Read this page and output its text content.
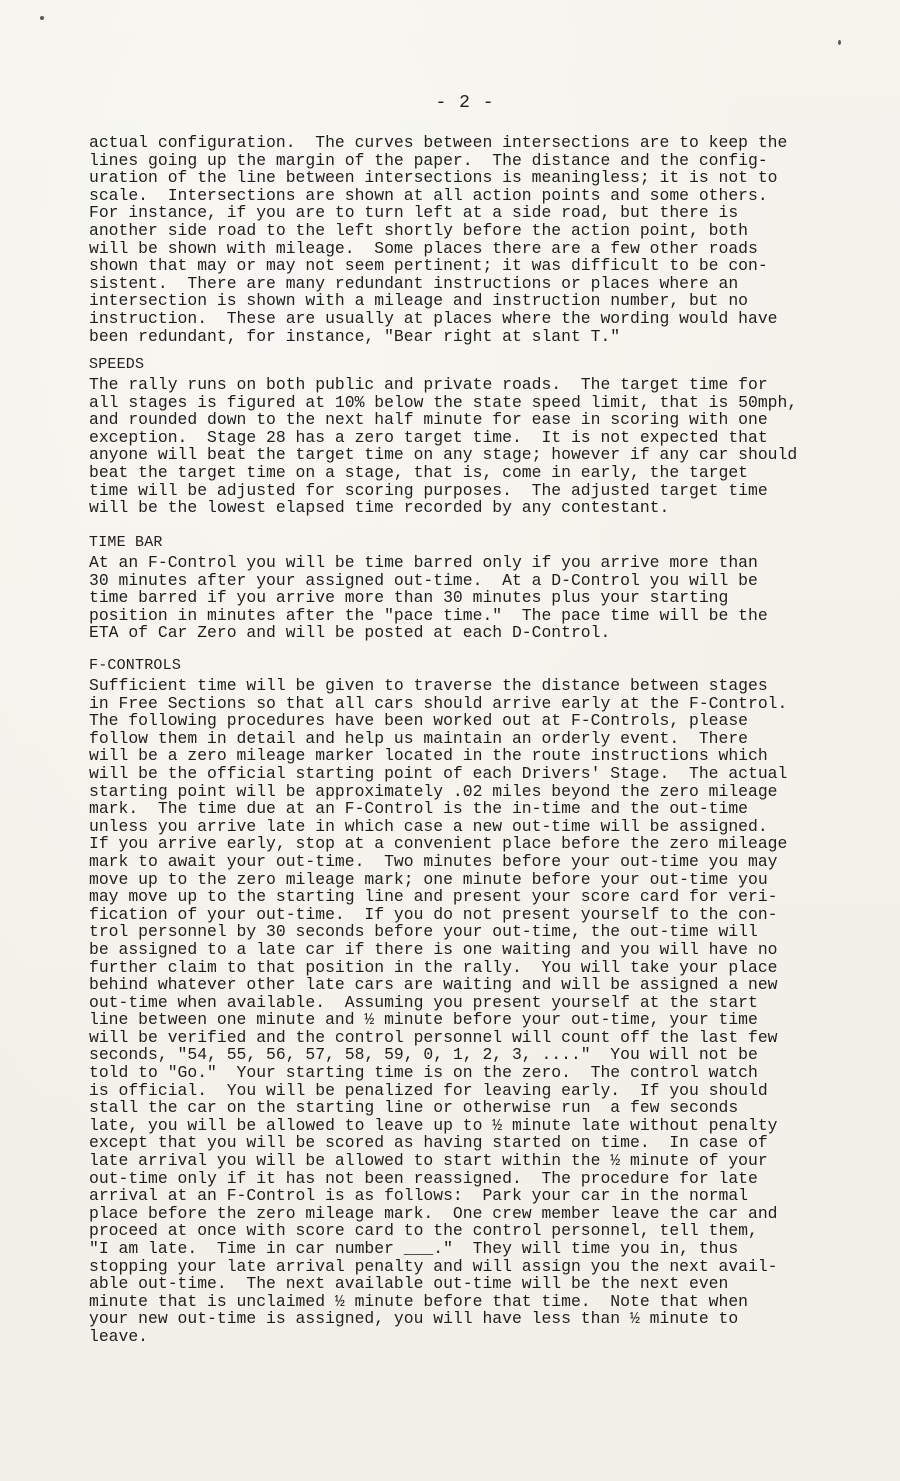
- 2 -
actual configuration.  The curves between intersections are to keep the
lines going up the margin of the paper.  The distance and the config-
uration of the line between intersections is meaningless; it is not to
scale.  Intersections are shown at all action points and some others.
For instance, if you are to turn left at a side road, but there is
another side road to the left shortly before the action point, both
will be shown with mileage.  Some places there are a few other roads
shown that may or may not seem pertinent; it was difficult to be con-
sistent.  There are many redundant instructions or places where an
intersection is shown with a mileage and instruction number, but no
instruction.  These are usually at places where the wording would have
been redundant, for instance, "Bear right at slant T."
SPEEDS
The rally runs on both public and private roads.  The target time for
all stages is figured at 10% below the state speed limit, that is 50mph,
and rounded down to the next half minute for ease in scoring with one
exception.  Stage 28 has a zero target time.  It is not expected that
anyone will beat the target time on any stage; however if any car should
beat the target time on a stage, that is, come in early, the target
time will be adjusted for scoring purposes.  The adjusted target time
will be the lowest elapsed time recorded by any contestant.
TIME BAR
At an F-Control you will be time barred only if you arrive more than
30 minutes after your assigned out-time.  At a D-Control you will be
time barred if you arrive more than 30 minutes plus your starting
position in minutes after the "pace time."  The pace time will be the
ETA of Car Zero and will be posted at each D-Control.
F-CONTROLS
Sufficient time will be given to traverse the distance between stages
in Free Sections so that all cars should arrive early at the F-Control.
The following procedures have been worked out at F-Controls, please
follow them in detail and help us maintain an orderly event.  There
will be a zero mileage marker located in the route instructions which
will be the official starting point of each Drivers' Stage.  The actual
starting point will be approximately .02 miles beyond the zero mileage
mark.  The time due at an F-Control is the in-time and the out-time
unless you arrive late in which case a new out-time will be assigned.
If you arrive early, stop at a convenient place before the zero mileage
mark to await your out-time.  Two minutes before your out-time you may
move up to the zero mileage mark; one minute before your out-time you
may move up to the starting line and present your score card for veri-
fication of your out-time.  If you do not present yourself to the con-
trol personnel by 30 seconds before your out-time, the out-time will
be assigned to a late car if there is one waiting and you will have no
further claim to that position in the rally.  You will take your place
behind whatever other late cars are waiting and will be assigned a new
out-time when available.  Assuming you present yourself at the start
line between one minute and ½ minute before your out-time, your time
will be verified and the control personnel will count off the last few
seconds, "54, 55, 56, 57, 58, 59, 0, 1, 2, 3, ...."  You will not be
told to "Go."  Your starting time is on the zero.  The control watch
is official.  You will be penalized for leaving early.  If you should
stall the car on the starting line or otherwise run  a few seconds
late, you will be allowed to leave up to ½ minute late without penalty
except that you will be scored as having started on time.  In case of
late arrival you will be allowed to start within the ½ minute of your
out-time only if it has not been reassigned.  The procedure for late
arrival at an F-Control is as follows:  Park your car in the normal
place before the zero mileage mark.  One crew member leave the car and
proceed at once with score card to the control personnel, tell them,
"I am late.  Time in car number ___."  They will time you in, thus
stopping your late arrival penalty and will assign you the next avail-
able out-time.  The next available out-time will be the next even
minute that is unclaimed ½ minute before that time.  Note that when
your new out-time is assigned, you will have less than ½ minute to
leave.
